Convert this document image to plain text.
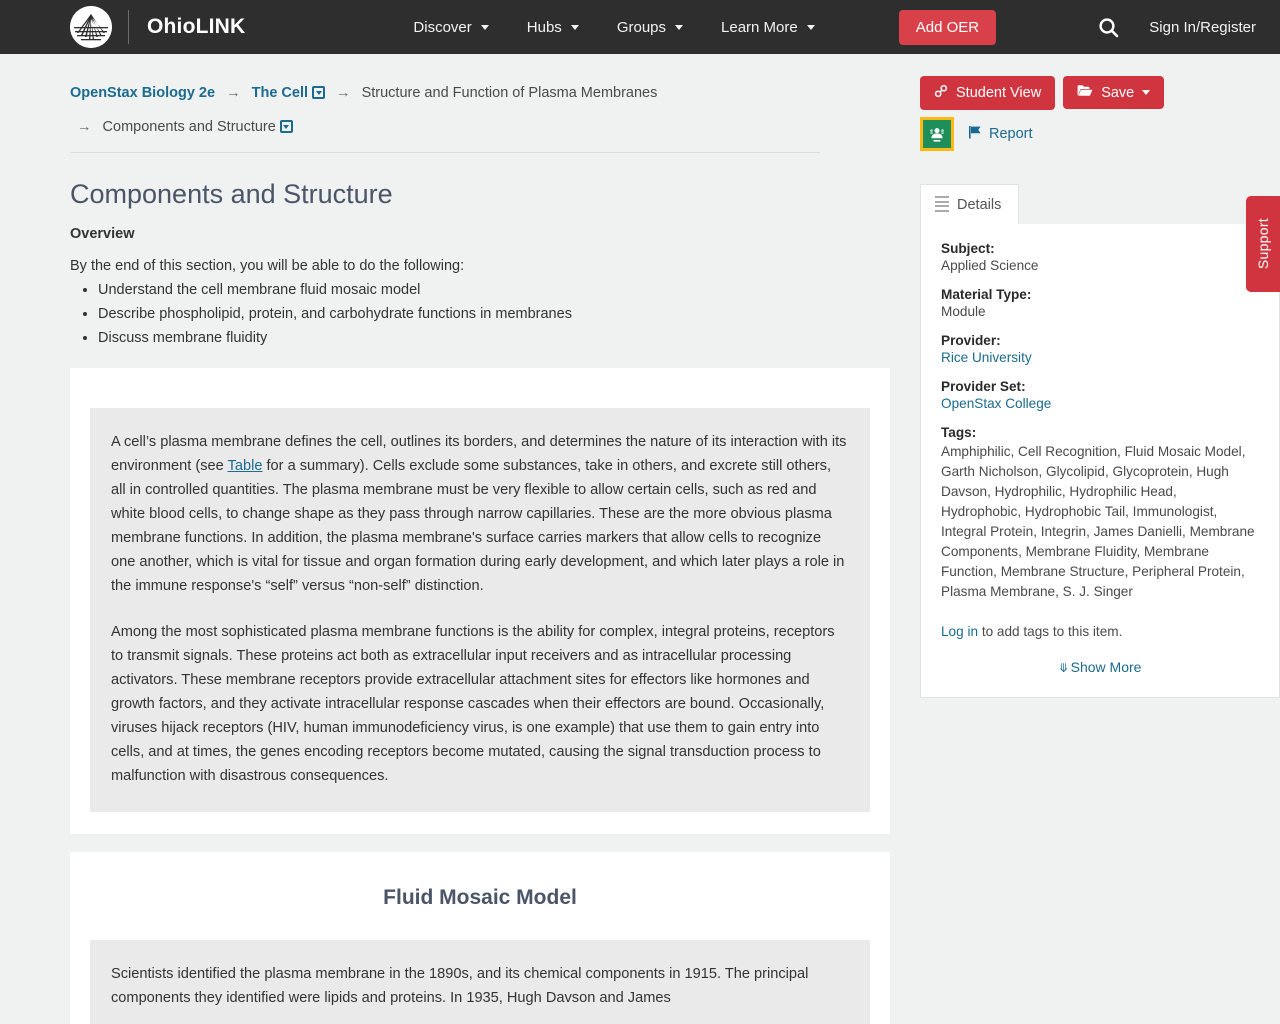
OhioLINK	Discover	Hubs	Groups	Learn More	Add OER	Sign In/Register
OpenStax Biology 2e → The Cell → Structure and Function of Plasma Membranes
→ Components and Structure
Components and Structure

Overview

By the end of this section, you will be able to do the following:

• Understand the cell membrane fluid mosaic model
• Describe phospholipid, protein, and carbohydrate functions in membranes
• Discuss membrane fluidity

A cell’s plasma membrane defines the cell, outlines its borders, and determines the nature of its interaction with its environment (see Table for a summary). Cells exclude some substances, take in others, and excrete still others, all in controlled quantities. The plasma membrane must be very flexible to allow certain cells, such as red and white blood cells, to change shape as they pass through narrow capillaries. These are the more obvious plasma membrane functions. In addition, the plasma membrane's surface carries markers that allow cells to recognize one another, which is vital for tissue and organ formation during early development, and which later plays a role in the immune response's “self” versus “non-self” distinction.

Among the most sophisticated plasma membrane functions is the ability for complex, integral proteins, receptors to transmit signals. These proteins act both as extracellular input receivers and as intracellular processing activators. These membrane receptors provide extracellular attachment sites for effectors like hormones and growth factors, and they activate intracellular response cascades when their effectors are bound. Occasionally, viruses hijack receptors (HIV, human immunodeficiency virus, is one example) that use them to gain entry into cells, and at times, the genes encoding receptors become mutated, causing the signal transduction process to malfunction with disastrous consequences.

Fluid Mosaic Model

Scientists identified the plasma membrane in the 1890s, and its chemical components in 1915. The principal components they identified were lipids and proteins. In 1935, Hugh Davson and James

Student View	Save
Report
Details
Subject:
Applied Science
Material Type:
Module
Provider:
Rice University
Provider Set:
OpenStax College
Tags:
Amphiphilic, Cell Recognition, Fluid Mosaic Model, Garth Nicholson, Glycolipid, Glycoprotein, Hugh Davson, Hydrophilic, Hydrophilic Head, Hydrophobic, Hydrophobic Tail, Immunologist, Integral Protein, Integrin, James Danielli, Membrane Components, Membrane Fluidity, Membrane Function, Membrane Structure, Peripheral Protein, Plasma Membrane, S. J. Singer

Log in to add tags to this item.

⤋ Show More
Support
